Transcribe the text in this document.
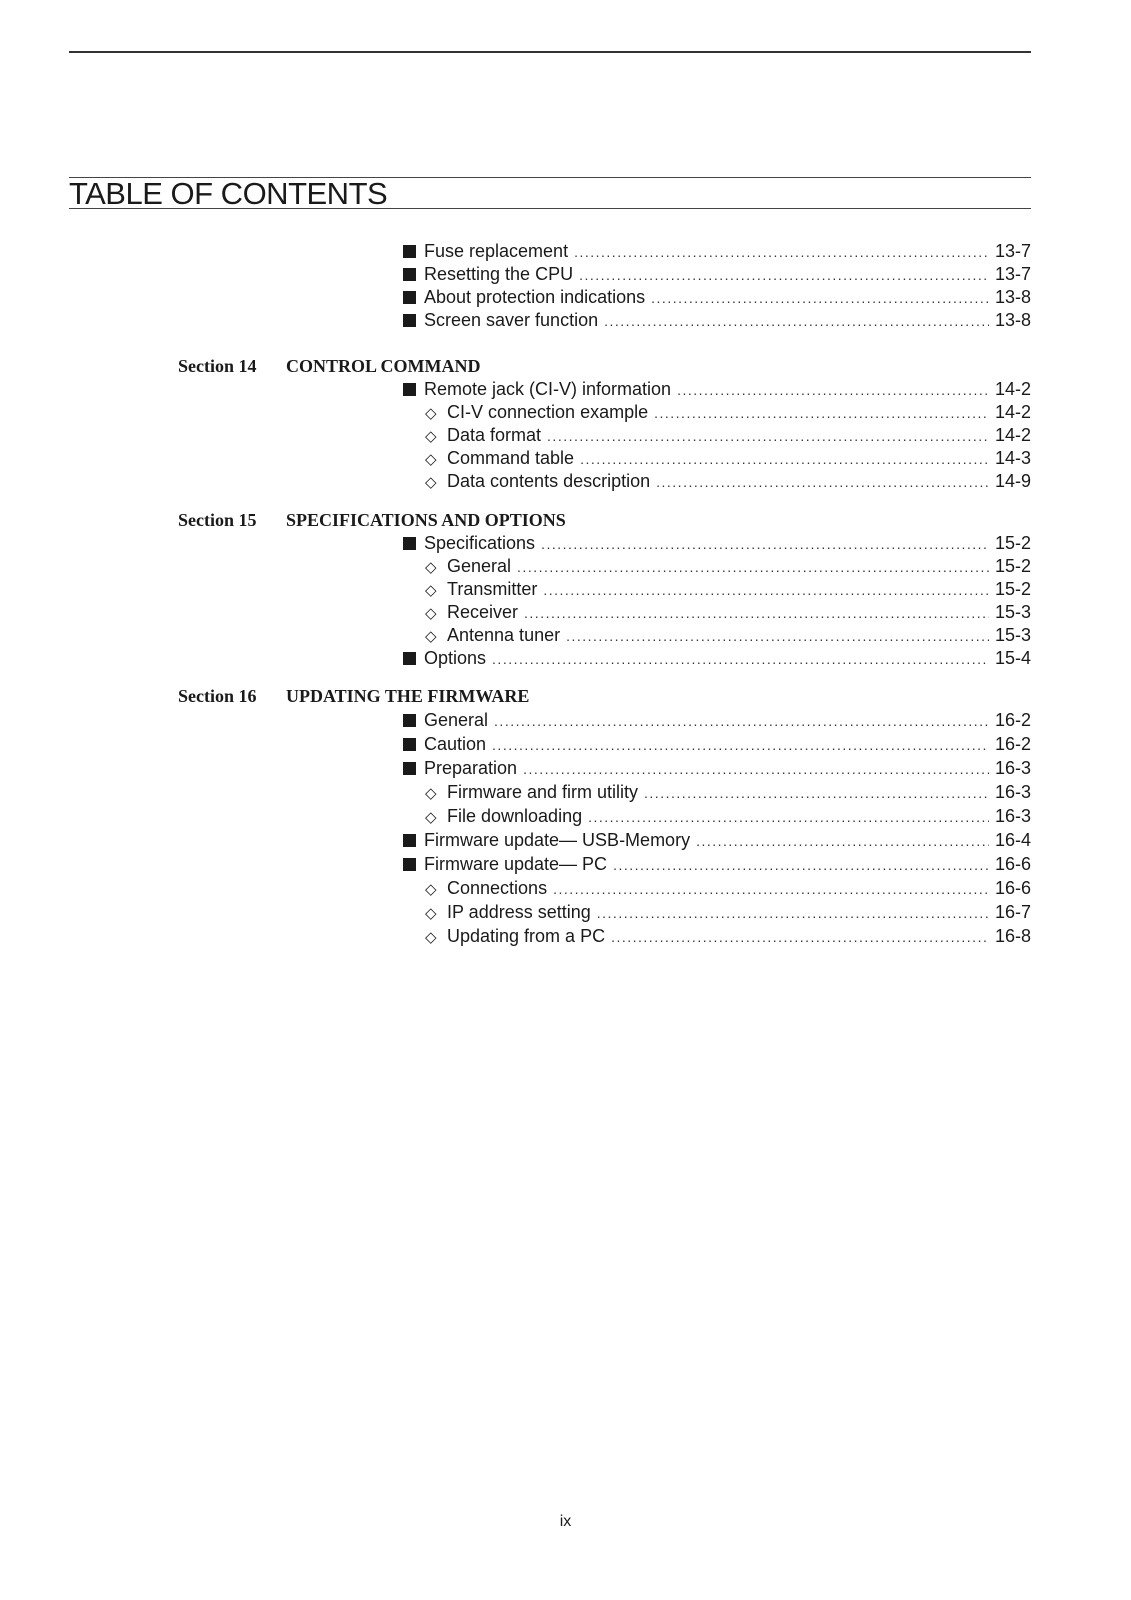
TABLE OF CONTENTS
Fuse replacement .....	13-7
Resetting the CPU .....	13-7
About protection indications .....	13-8
Screen saver function .....	13-8
Section 14 CONTROL COMMAND
Remote jack (CI-V) information .....	14-2
◇ CI-V connection example .....	14-2
◇ Data format .....	14-2
◇ Command table .....	14-3
◇ Data contents description .....	14-9
Section 15 SPECIFICATIONS AND OPTIONS
Specifications .....	15-2
◇ General .....	15-2
◇ Transmitter .....	15-2
◇ Receiver .....	15-3
◇ Antenna tuner .....	15-3
Options .....	15-4
Section 16 UPDATING THE FIRMWARE
General .....	16-2
Caution .....	16-2
Preparation .....	16-3
◇ Firmware and firm utility .....	16-3
◇ File downloading .....	16-3
Firmware update— USB-Memory .....	16-4
Firmware update— PC .....	16-6
◇ Connections .....	16-6
◇ IP address setting .....	16-7
◇ Updating from a PC .....	16-8
ix
